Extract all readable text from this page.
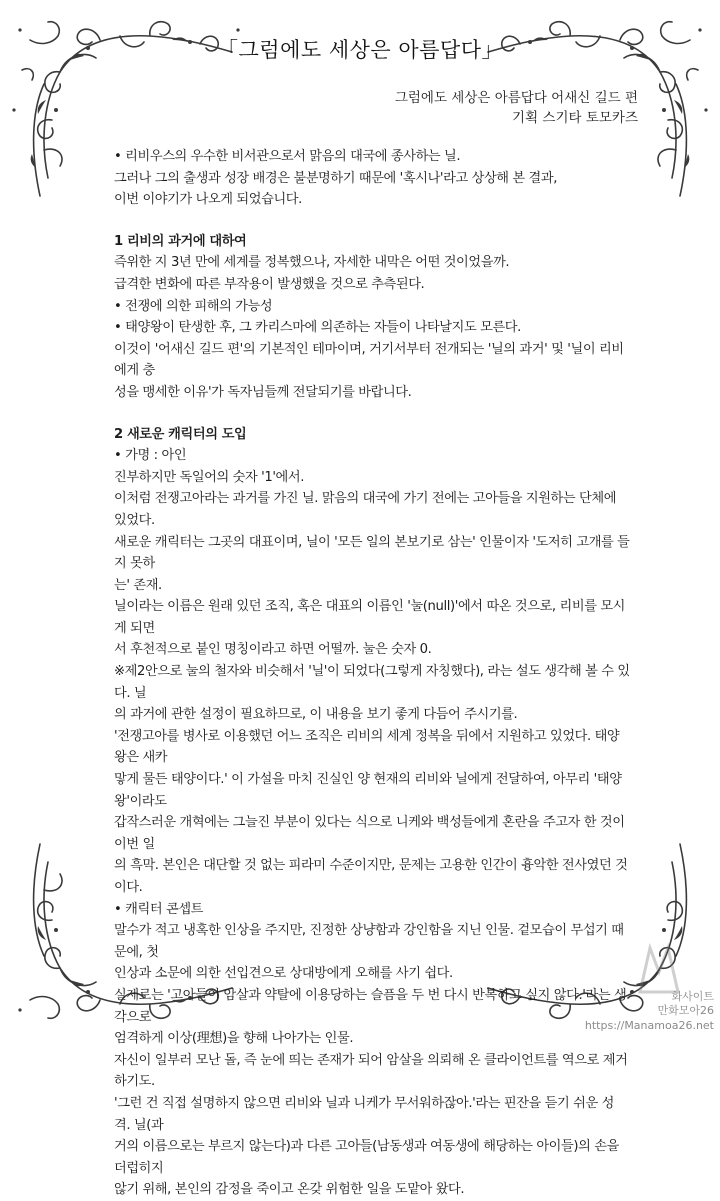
「그럼에도 세상은 아름답다」
그럼에도 세상은 아름답다 어새신 길드 편
기획 스기타 토모카즈

• 리비우스의 우수한 비서관으로서 맑음의 대국에 종사하는 닐.

그러나 그의 출생과 성장 배경은 불분명하기 때문에 '혹시나'라고 상상해 본 결과,

이번 이야기가 나오게 되었습니다.

1 리비의 과거에 대하여

즉위한 지 3년 만에 세계를 정복했으나, 자세한 내막은 어떤 것이었을까.

급격한 변화에 따른 부작용이 발생했을 것으로 추측된다.

• 전쟁에 의한 피해의 가능성

• 태양왕이 탄생한 후, 그 카리스마에 의존하는 자들이 나타날지도 모른다.

이것이 '어새신 길드 편'의 기본적인 테마이며, 거기서부터 전개되는 '닐의 과거' 및 '닐이 리비에게 충

성을 맹세한 이유'가 독자님들께 전달되기를 바랍니다.

2 새로운 캐릭터의 도입

• 가명 : 아인

진부하지만 독일어의 숫자 '1'에서.

이처럼 전쟁고아라는 과거를 가진 닐. 맑음의 대국에 가기 전에는 고아들을 지원하는 단체에 있었다.

새로운 캐릭터는 그곳의 대표이며, 닐이 '모든 일의 본보기로 삼는' 인물이자 '도저히 고개를 들지 못하

는' 존재.

닐이라는 이름은 원래 있던 조직, 혹은 대표의 이름인 '눌(null)'에서 따온 것으로, 리비를 모시게 되면

서 후천적으로 붙인 명칭이라고 하면 어떨까. 눌은 숫자 0.

※제2안으로 눌의 철자와 비슷해서 '닐'이 되었다(그렇게 자칭했다), 라는 설도 생각해 볼 수 있다. 닐

의 과거에 관한 설정이 필요하므로, 이 내용을 보기 좋게 다듬어 주시기를.

'전쟁고아를 병사로 이용했던 어느 조직은 리비의 세계 정복을 뒤에서 지원하고 있었다. 태양왕은 새카

맣게 물든 태양이다.' 이 가설을 마치 진실인 양 현재의 리비와 닐에게 전달하여, 아무리 '태양왕'이라도

갑작스러운 개혁에는 그늘진 부분이 있다는 식으로 니케와 백성들에게 혼란을 주고자 한 것이 이번 일

의 흑막. 본인은 대단할 것 없는 피라미 수준이지만, 문제는 고용한 인간이 흉악한 전사였던 것이다.

• 캐릭터 콘셉트

말수가 적고 냉혹한 인상을 주지만, 진정한 상냥함과 강인함을 지닌 인물. 겉모습이 무섭기 때문에, 첫

인상과 소문에 의한 선입견으로 상대방에게 오해를 사기 쉽다.

실제로는 '고아들이 암살과 약탈에 이용당하는 슬픔을 두 번 다시 반복하고 싶지 않다.'라는 생각으로

엄격하게 이상(理想)을 향해 나아가는 인물.

자신이 일부러 모난 돌, 즉 눈에 띄는 존재가 되어 암살을 의뢰해 온 클라이언트를 역으로 제거하기도.

'그런 건 직접 설명하지 않으면 리비와 닐과 니케가 무서워하잖아.'라는 핀잔을 듣기 쉬운 성격. 닐(과

거의 이름으로는 부르지 않는다)과 다른 고아들(남동생과 여동생에 해당하는 아이들)의 손을 더럽히지

않기 위해, 본인의 감정을 죽이고 온갖 위험한 일을 도맡아 왔다.

화사이트
만화모아26
https://Manamoa26.net
